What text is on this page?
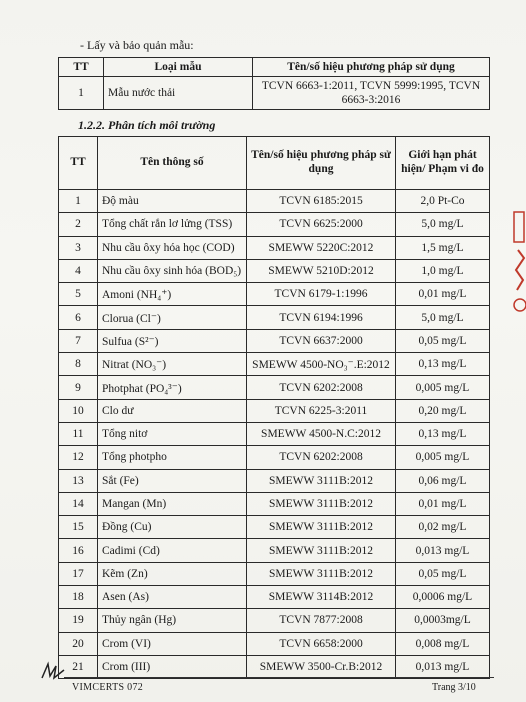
- Lấy và bảo quản mẫu:
TT	Loại mẫu	Tên/số hiệu phương pháp sử dụng
1	Mẫu nước thải	TCVN 6663-1:2011, TCVN 5999:1995, TCVN 6663-3:2016
1.2.2. Phân tích môi trường
TT	Tên thông số	Tên/số hiệu phương pháp sử dụng	Giới hạn phát hiện/ Phạm vi đo
1	Độ màu	TCVN 6185:2015	2,0 Pt-Co
2	Tổng chất rắn lơ lửng (TSS)	TCVN 6625:2000	5,0 mg/L
3	Nhu cầu ôxy hóa học (COD)	SMEWW 5220C:2012	1,5 mg/L
4	Nhu cầu ôxy sinh hóa (BOD₅)	SMEWW 5210D:2012	1,0 mg/L
5	Amoni (NH₄⁺)	TCVN 6179-1:1996	0,01 mg/L
6	Clorua (Cl⁻)	TCVN 6194:1996	5,0 mg/L
7	Sulfua (S²⁻)	TCVN 6637:2000	0,05 mg/L
8	Nitrat (NO₃⁻)	SMEWW 4500-NO₃⁻.E:2012	0,13 mg/L
9	Photphat (PO₄³⁻)	TCVN 6202:2008	0,005 mg/L
10	Clo dư	TCVN 6225-3:2011	0,20 mg/L
11	Tổng nitơ	SMEWW 4500-N.C:2012	0,13 mg/L
12	Tổng photpho	TCVN 6202:2008	0,005 mg/L
13	Sắt (Fe)	SMEWW 3111B:2012	0,06 mg/L
14	Mangan (Mn)	SMEWW 3111B:2012	0,01 mg/L
15	Đồng (Cu)	SMEWW 3111B:2012	0,02 mg/L
16	Cadimi (Cd)	SMEWW 3111B:2012	0,013 mg/L
17	Kẽm (Zn)	SMEWW 3111B:2012	0,05 mg/L
18	Asen (As)	SMEWW 3114B:2012	0,0006 mg/L
19	Thủy ngân (Hg)	TCVN 7877:2008	0,0003mg/L
20	Crom (VI)	TCVN 6658:2000	0,008 mg/L
21	Crom (III)	SMEWW 3500-Cr.B:2012	0,013 mg/L
VIMCERTS 072	Trang 3/10
